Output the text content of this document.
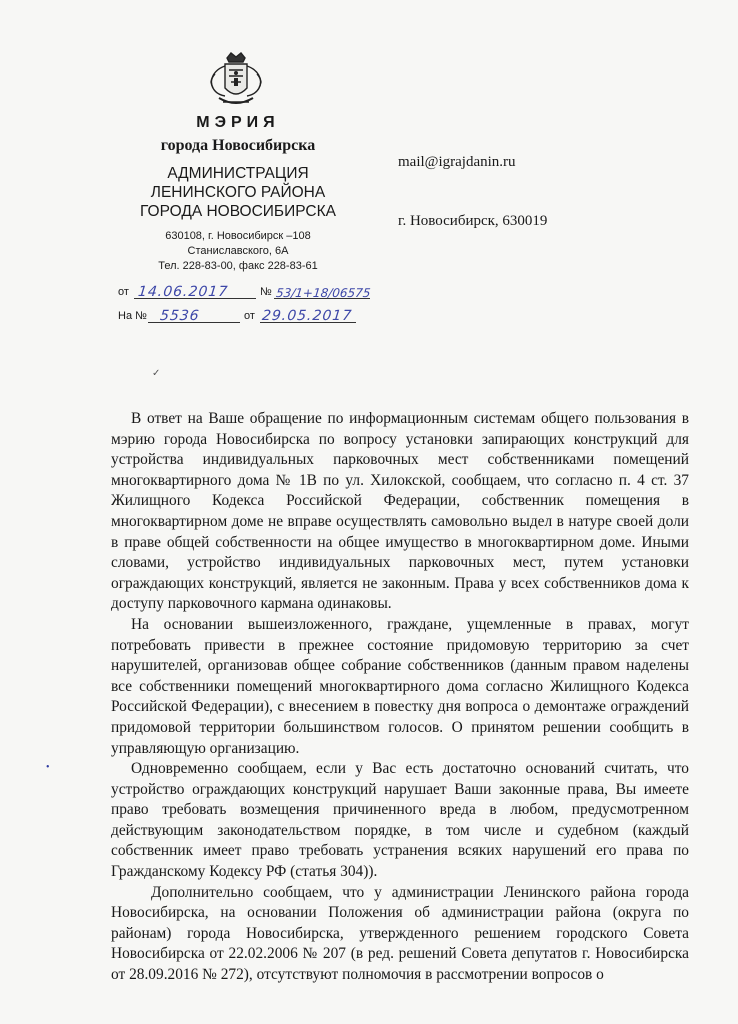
МЭРИЯ
города Новосибирска
АДМИНИСТРАЦИЯ
ЛЕНИНСКОГО РАЙОНА
ГОРОДА НОВОСИБИРСКА
630108, г. Новосибирск –108
Станиславского, 6А
Тел. 228-83-00, факс 228-83-61
от 14.06.2017	№ 53/1+18/06575
На № 5536	от 29.05.2017
mail@igrajdanin.ru
г. Новосибирск, 630019
✓
•

В ответ на Ваше обращение по информационным системам общего пользования в мэрию города Новосибирска по вопросу установки запирающих конструкций для устройства индивидуальных парковочных мест собственниками помещений многоквартирного дома № 1В по ул. Хилокской, сообщаем, что согласно п. 4 ст. 37 Жилищного Кодекса Российской Федерации, собственник помещения в многоквартирном доме не вправе осуществлять самовольно выдел в натуре своей доли в праве общей собственности на общее имущество в многоквартирном доме. Иными словами, устройство индивидуальных парковочных мест, путем установки ограждающих конструкций, является не законным. Права у всех собственников дома к доступу парковочного кармана одинаковы.

На основании вышеизложенного, граждане, ущемленные в правах, могут потребовать привести в прежнее состояние придомовую территорию за счет нарушителей, организовав общее собрание собственников (данным правом наделены все собственники помещений многоквартирного дома согласно Жилищного Кодекса Российской Федерации), с внесением в повестку дня вопроса о демонтаже ограждений придомовой территории большинством голосов. О принятом решении сообщить в управляющую организацию.

Одновременно сообщаем, если у Вас есть достаточно оснований считать, что устройство ограждающих конструкций нарушает Ваши законные права, Вы имеете право требовать возмещения причиненного вреда в любом, предусмотренном действующим законодательством порядке, в том числе и судебном (каждый собственник имеет право требовать устранения всяких нарушений его права по Гражданскому Кодексу РФ (статья 304)).

Дополнительно сообщаем, что у администрации Ленинского района города Новосибирска, на основании Положения об администрации района (округа по районам) города Новосибирска, утвержденного решением городского Совета Новосибирска от 22.02.2006 № 207 (в ред. решений Совета депутатов г. Новосибирска от 28.09.2016 № 272), отсутствуют полномочия в рассмотрении вопросов о
